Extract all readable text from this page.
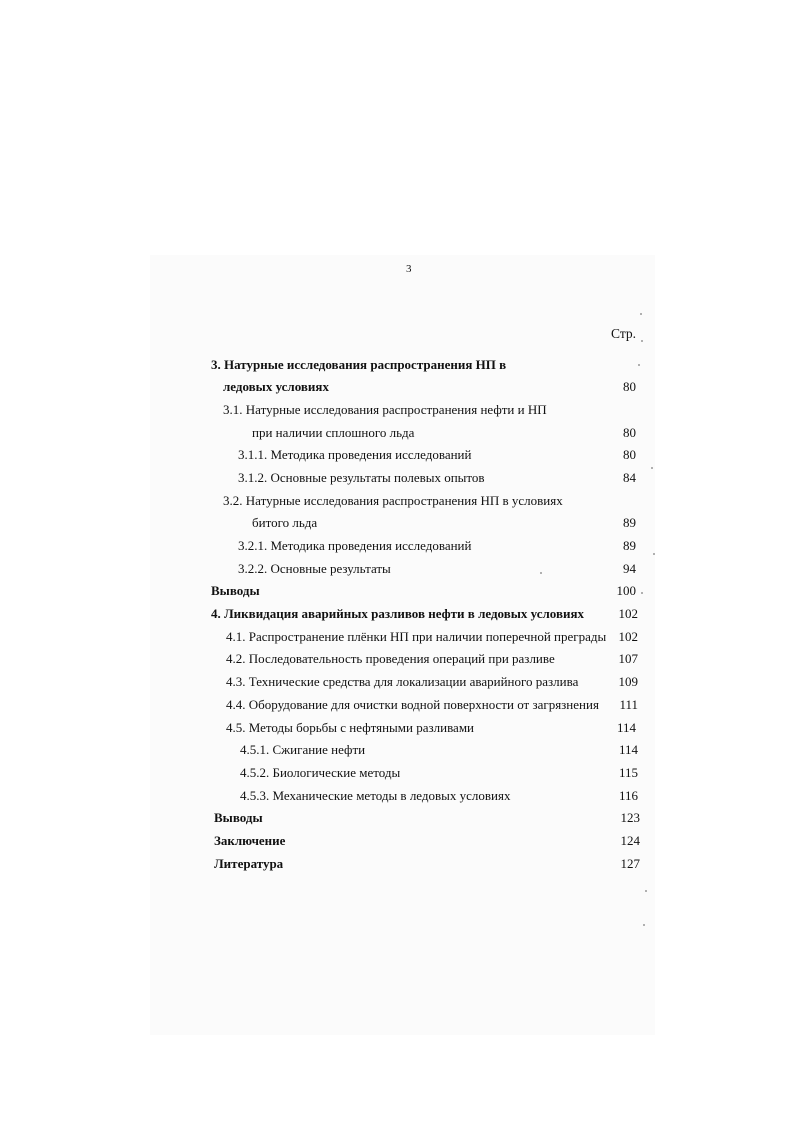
3
Стр.
3. Натурные исследования распространения НП в
ледовых условиях	80
3.1. Натурные исследования распространения нефти и НП
при наличии сплошного льда	80
3.1.1. Методика проведения исследований	80
3.1.2. Основные результаты полевых опытов	84
3.2. Натурные исследования распространения НП в условиях
битого льда	89
3.2.1. Методика проведения исследований	89
3.2.2. Основные результаты	94
Выводы	100
4. Ликвидация аварийных разливов нефти в ледовых условиях	102
4.1. Распространение плёнки НП при наличии поперечной преграды 102
4.2. Последовательность проведения операций при разливе	107
4.3. Технические средства для локализации аварийного разлива	109
4.4. Оборудование для очистки водной поверхности от загрязнения	111
4.5. Методы борьбы с нефтяными разливами	114
4.5.1. Сжигание нефти	114
4.5.2. Биологические методы	115
4.5.3. Механические методы в ледовых условиях	116
Выводы	123
Заключение	124
Литература	127
